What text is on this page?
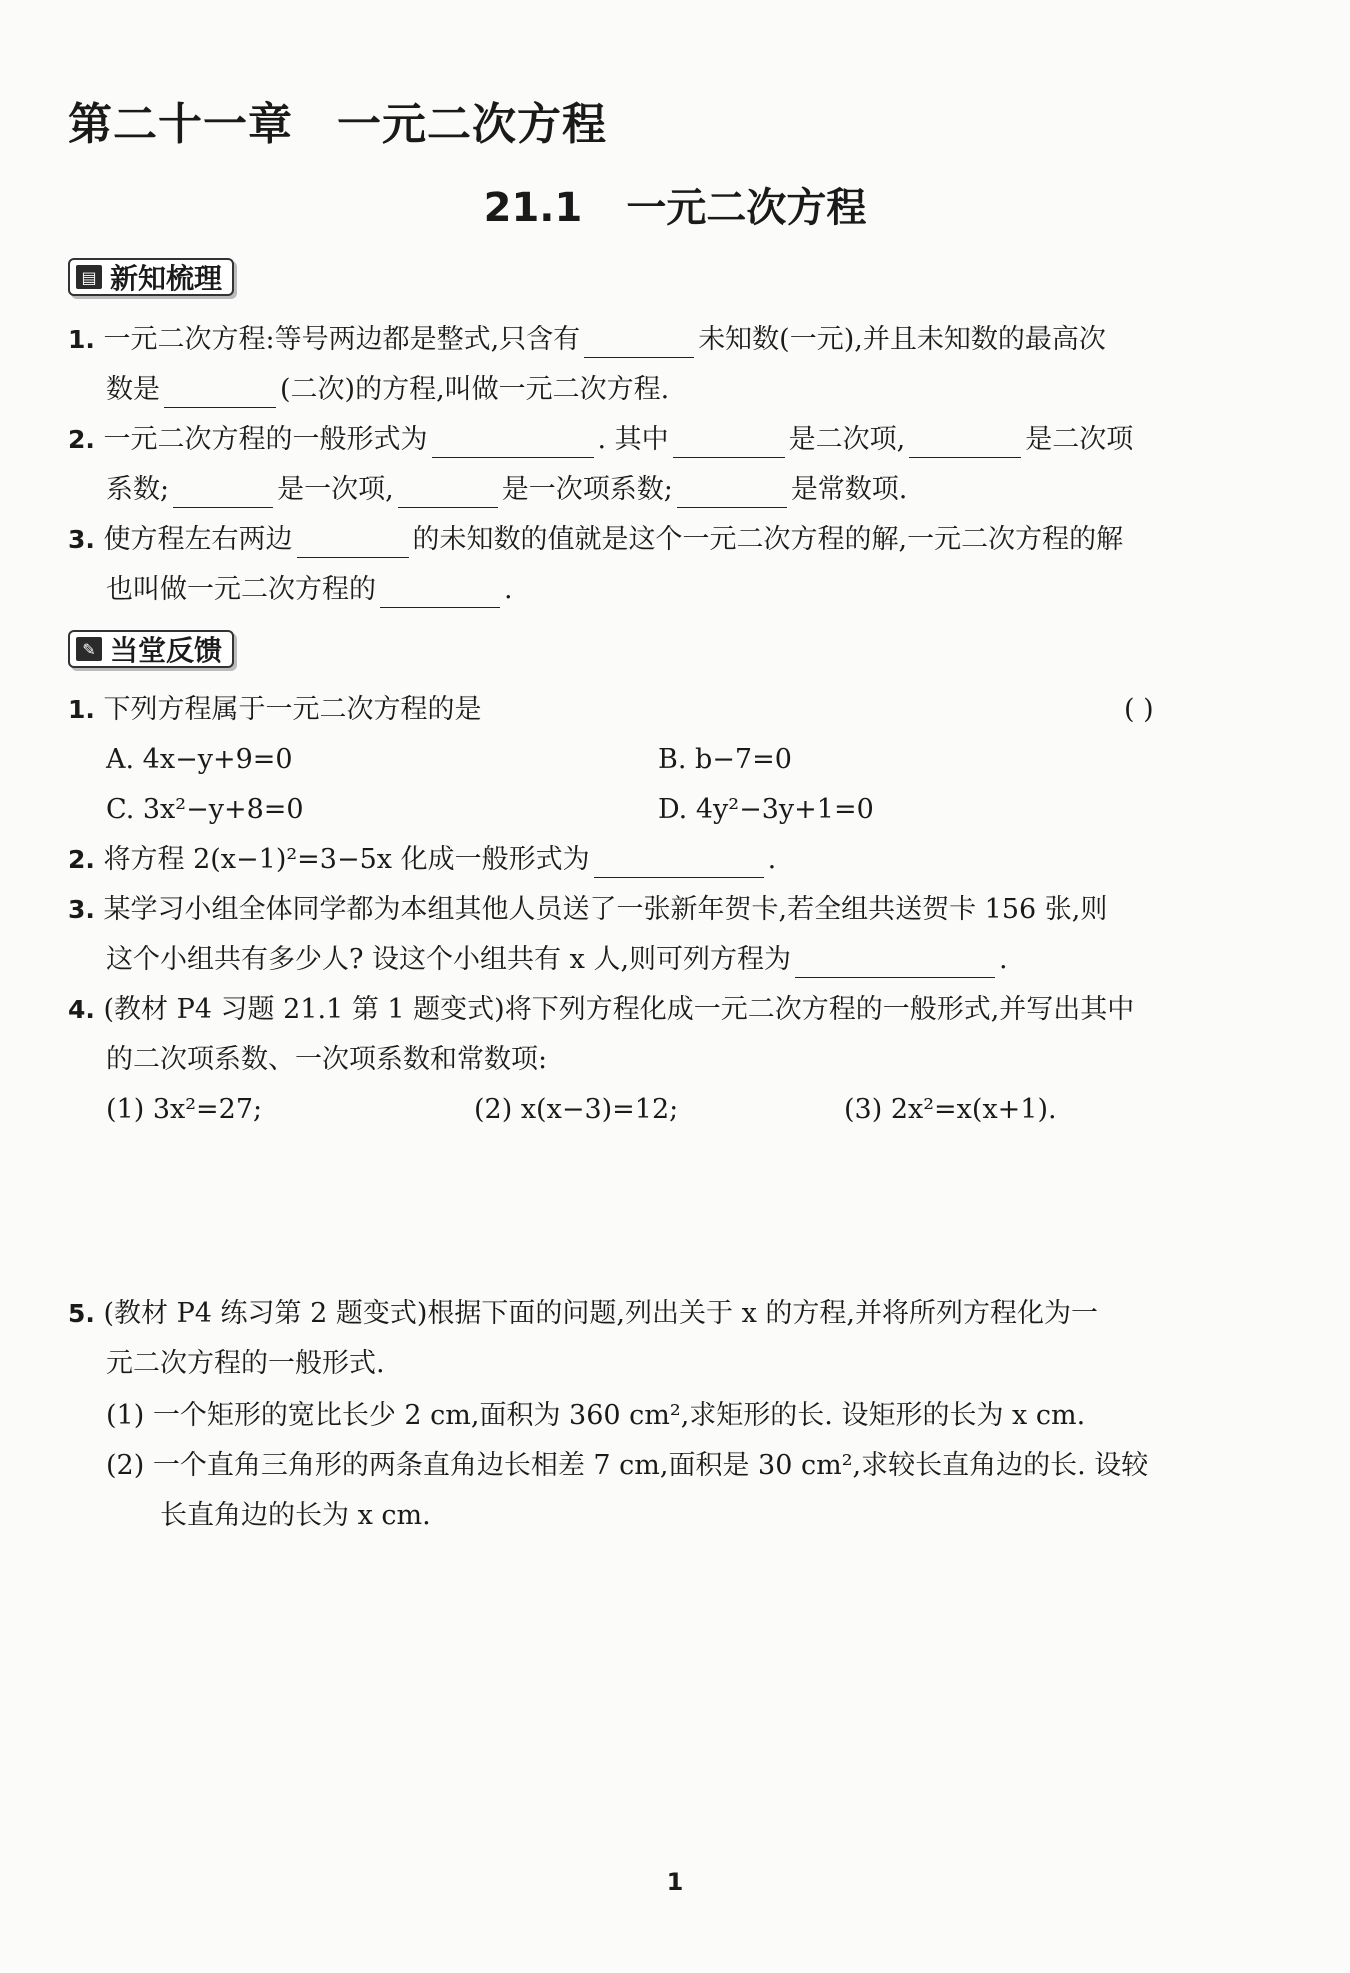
第二十一章 一元二次方程
21.1 一元二次方程
▤ 新知梳理
1. 一元二次方程:等号两边都是整式,只含有	未知数(一元),并且未知数的最高次
数是	(二次)的方程,叫做一元二次方程.
2. 一元二次方程的一般形式为	. 其中	是二次项,	是二次项
系数;	是一次项,	是一次项系数;	是常数项.
3. 使方程左右两边	的未知数的值就是这个一元二次方程的解,一元二次方程的解
也叫做一元二次方程的	.
✎ 当堂反馈
1. 下列方程属于一元二次方程的是	( )
A. 4x−y+9=0	B. b−7=0
C. 3x²−y+8=0	D. 4y²−3y+1=0
2. 将方程 2(x−1)²=3−5x 化成一般形式为	.
3. 某学习小组全体同学都为本组其他人员送了一张新年贺卡,若全组共送贺卡 156 张,则
这个小组共有多少人? 设这个小组共有 x 人,则可列方程为	.
4. (教材 P4 习题 21.1 第 1 题变式)将下列方程化成一元二次方程的一般形式,并写出其中
的二次项系数、一次项系数和常数项:
(1) 3x²=27;	(2) x(x−3)=12;	(3) 2x²=x(x+1).
5. (教材 P4 练习第 2 题变式)根据下面的问题,列出关于 x 的方程,并将所列方程化为一
元二次方程的一般形式.
(1) 一个矩形的宽比长少 2 cm,面积为 360 cm²,求矩形的长. 设矩形的长为 x cm.
(2) 一个直角三角形的两条直角边长相差 7 cm,面积是 30 cm²,求较长直角边的长. 设较
长直角边的长为 x cm.
1
